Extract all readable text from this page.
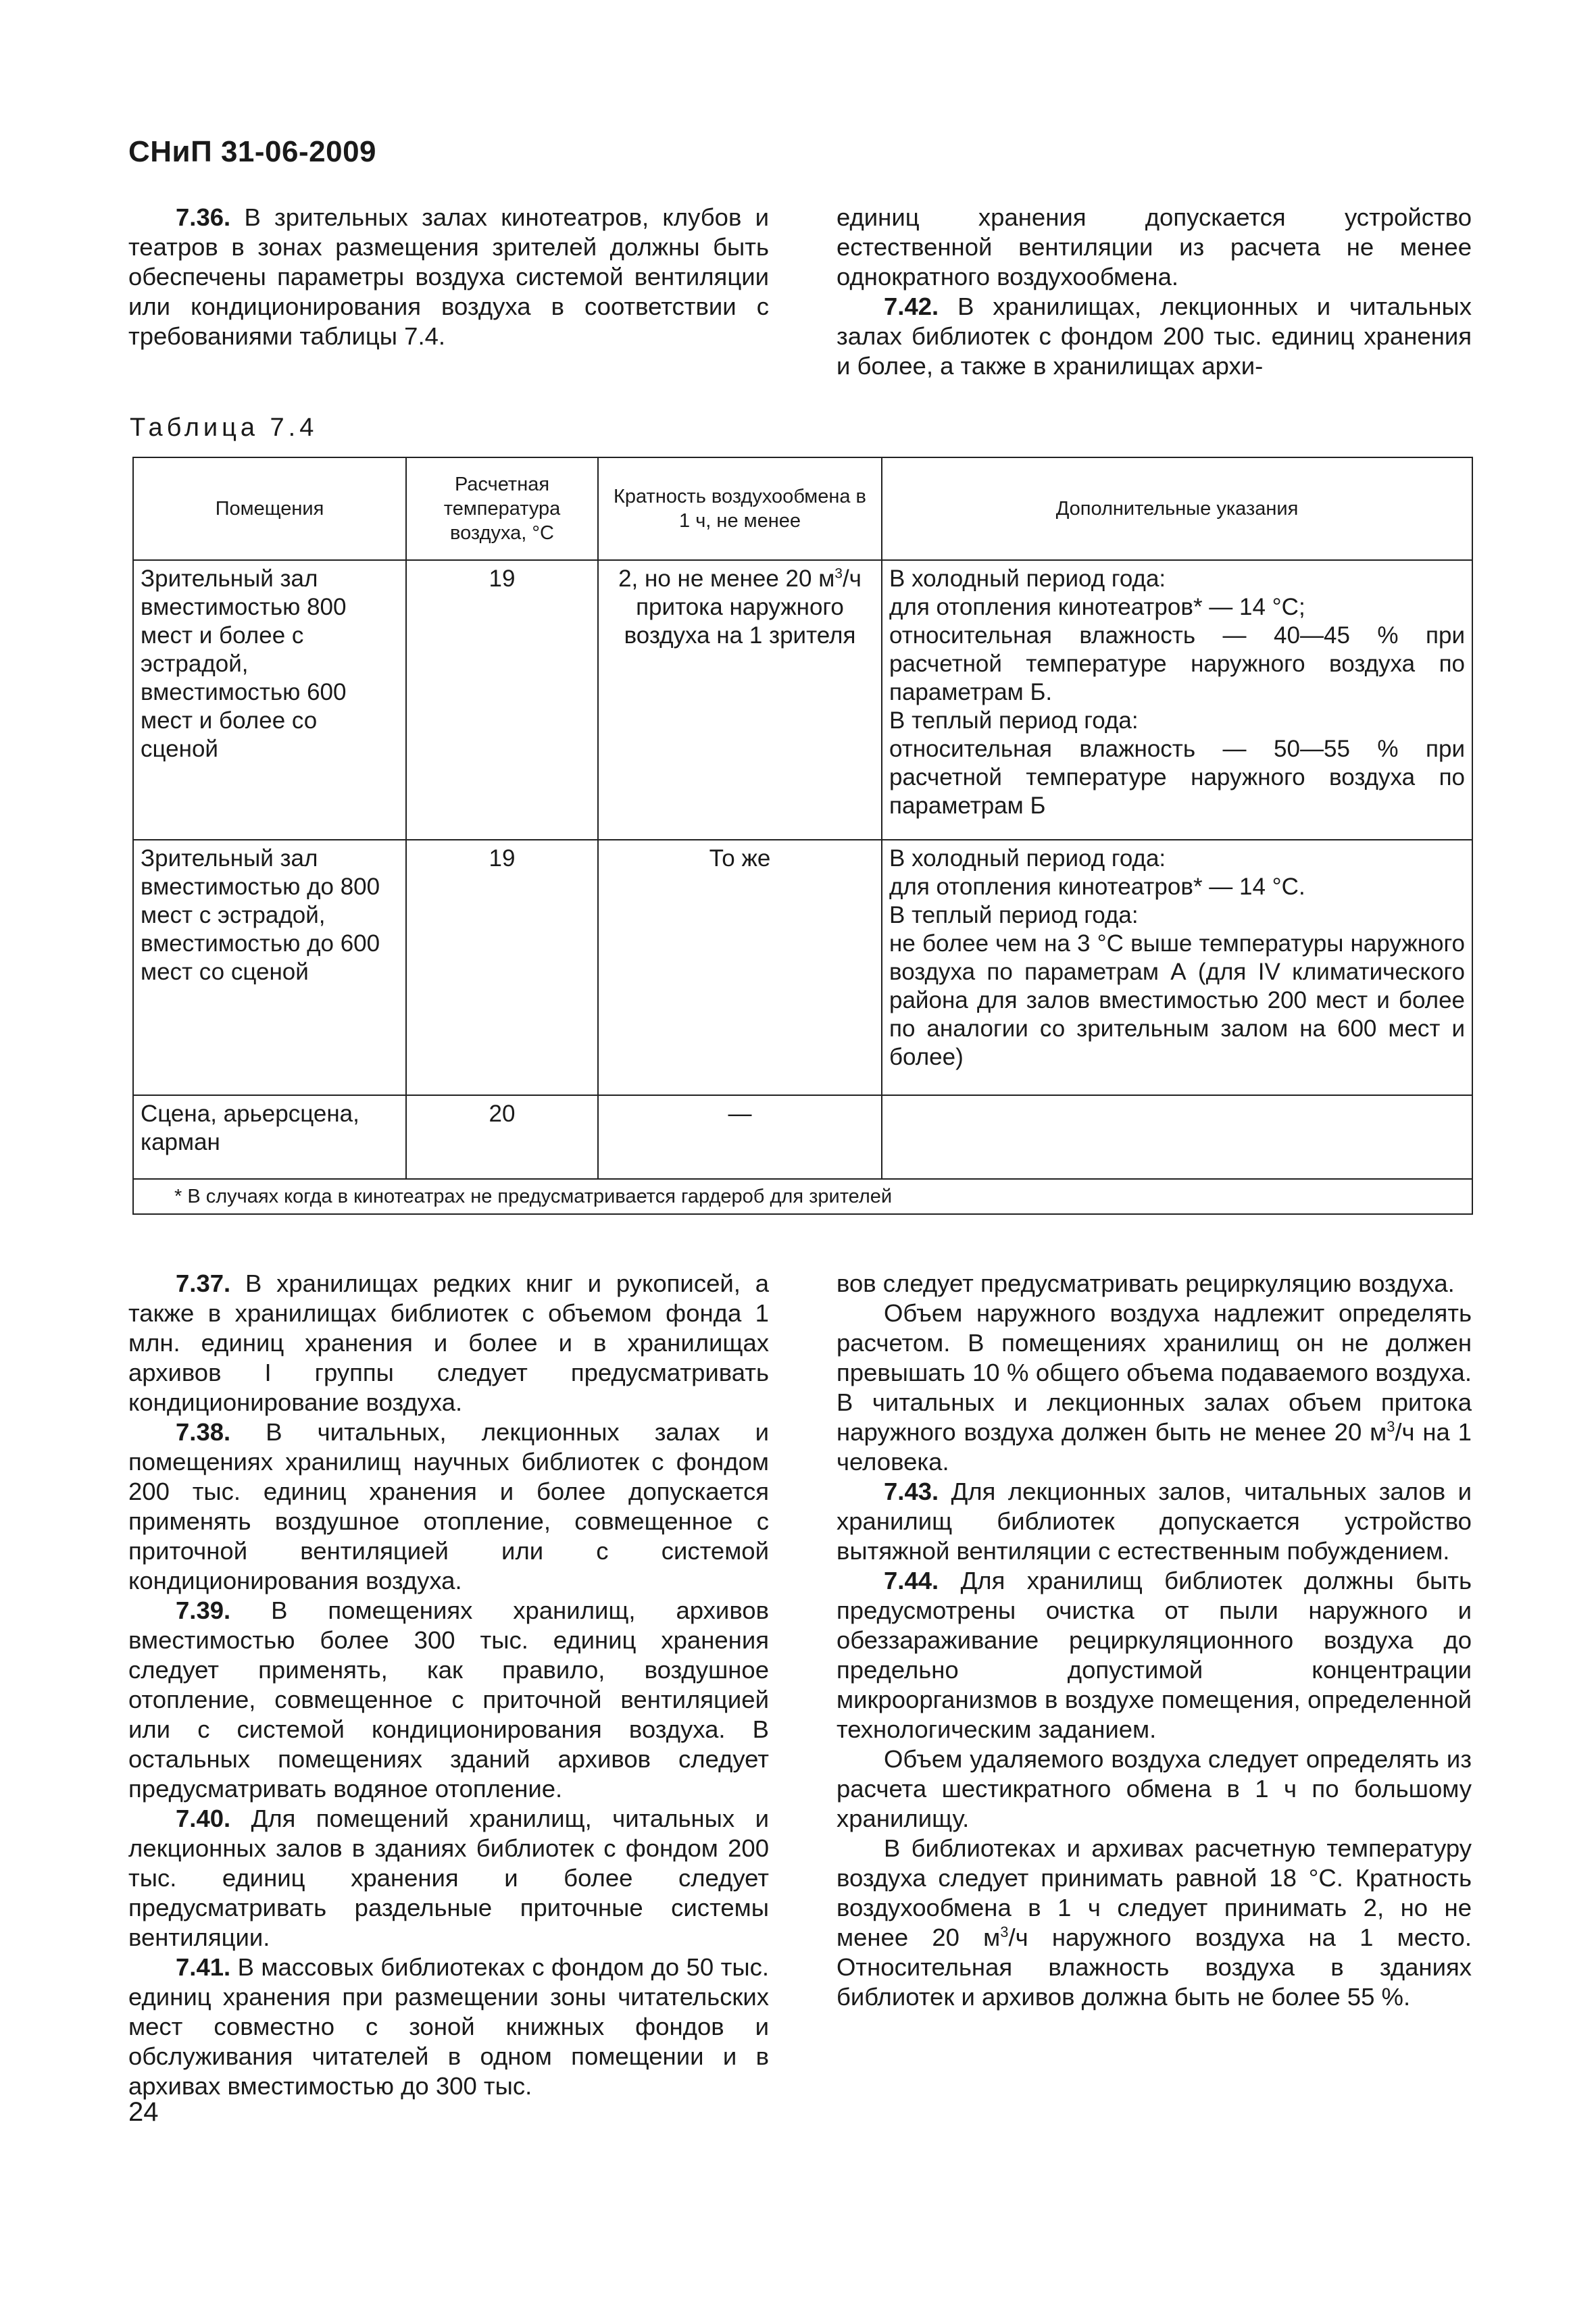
СНиП 31-06-2009

7.36. В зрительных залах кинотеатров, клубов и театров в зонах размещения зрителей должны быть обеспечены параметры воздуха системой вентиляции или кондиционирования воздуха в соответствии с требованиями таблицы 7.4.

единиц хранения допускается устройство естественной вентиляции из расчета не менее однократного воздухообмена.

7.42. В хранилищах, лекционных и читальных залах библиотек с фондом 200 тыс. единиц хранения и более, а также в хранилищах архи-

Таблица 7.4
Помещения	Расчетная температура воздуха, °С	Кратность воздухообмена в 1 ч, не менее	Дополнительные указания
Зрительный зал вместимостью 800 мест и более с эстрадой, вместимостью 600 мест и более со сценой	19	2, но не менее 20 $м^3/ч$ притока наружного воздуха на 1 зрителя	В холодный период года:
для отопления кинотеатров* — 14 °С;
относительная влажность — 40—45 % при расчетной температуре наружного воздуха по параметрам Б.
В теплый период года:
относительная влажность — 50—55 % при расчетной температуре наружного воздуха по параметрам Б

Зрительный зал вместимостью до 800 мест с эстрадой, вместимостью до 600 мест со сценой	19	То же	В холодный период года:
для отопления кинотеатров* — 14 °С.
В теплый период года:
не более чем на 3 °С выше температуры наружного воздуха по параметрам А (для IV климатического района для залов вместимостью 200 мест и более по аналогии со зрительным залом на 600 мест и более)

Сцена, арьерсцена, карман	20	—	
* В случаях когда в кинотеатрах не предусматривается гардероб для зрителей			

7.37. В хранилищах редких книг и рукописей, а также в хранилищах библиотек с объемом фонда 1 млн. единиц хранения и более и в хранилищах архивов I группы следует предусматривать кондиционирование воздуха.

7.38. В читальных, лекционных залах и помещениях хранилищ научных библиотек с фондом 200 тыс. единиц хранения и более допускается применять воздушное отопление, совмещенное с приточной вентиляцией или с системой кондиционирования воздуха.

7.39. В помещениях хранилищ, архивов вместимостью более 300 тыс. единиц хранения следует применять, как правило, воздушное отопление, совмещенное с приточной вентиляцией или с системой кондиционирования воздуха. В остальных помещениях зданий архивов следует предусматривать водяное отопление.

7.40. Для помещений хранилищ, читальных и лекционных залов в зданиях библиотек с фондом 200 тыс. единиц хранения и более следует предусматривать раздельные приточные системы вентиляции.

7.41. В массовых библиотеках с фондом до 50 тыс. единиц хранения при размещении зоны читательских мест совместно с зоной книжных фондов и обслуживания читателей в одном помещении и в архивах вместимостью до 300 тыс.

вов следует предусматривать рециркуляцию воздуха.

Объем наружного воздуха надлежит определять расчетом. В помещениях хранилищ он не должен превышать 10 % общего объема подаваемого воздуха. В читальных и лекционных залах объем притока наружного воздуха должен быть не менее 20 $м^3/ч$ на 1 человека.

7.43. Для лекционных залов, читальных залов и хранилищ библиотек допускается устройство вытяжной вентиляции с естественным побуждением.

7.44. Для хранилищ библиотек должны быть предусмотрены очистка от пыли наружного и обеззараживание рециркуляционного воздуха до предельно допустимой концентрации микроорганизмов в воздухе помещения, определенной технологическим заданием.

Объем удаляемого воздуха следует определять из расчета шестикратного обмена в 1 ч по большому хранилищу.

В библиотеках и архивах расчетную температуру воздуха следует принимать равной 18 °С. Кратность воздухообмена в 1 ч следует принимать 2, но не менее 20 $м^3/ч$ наружного воздуха на 1 место. Относительная влажность воздуха в зданиях библиотек и архивов должна быть не более 55 %.

24
